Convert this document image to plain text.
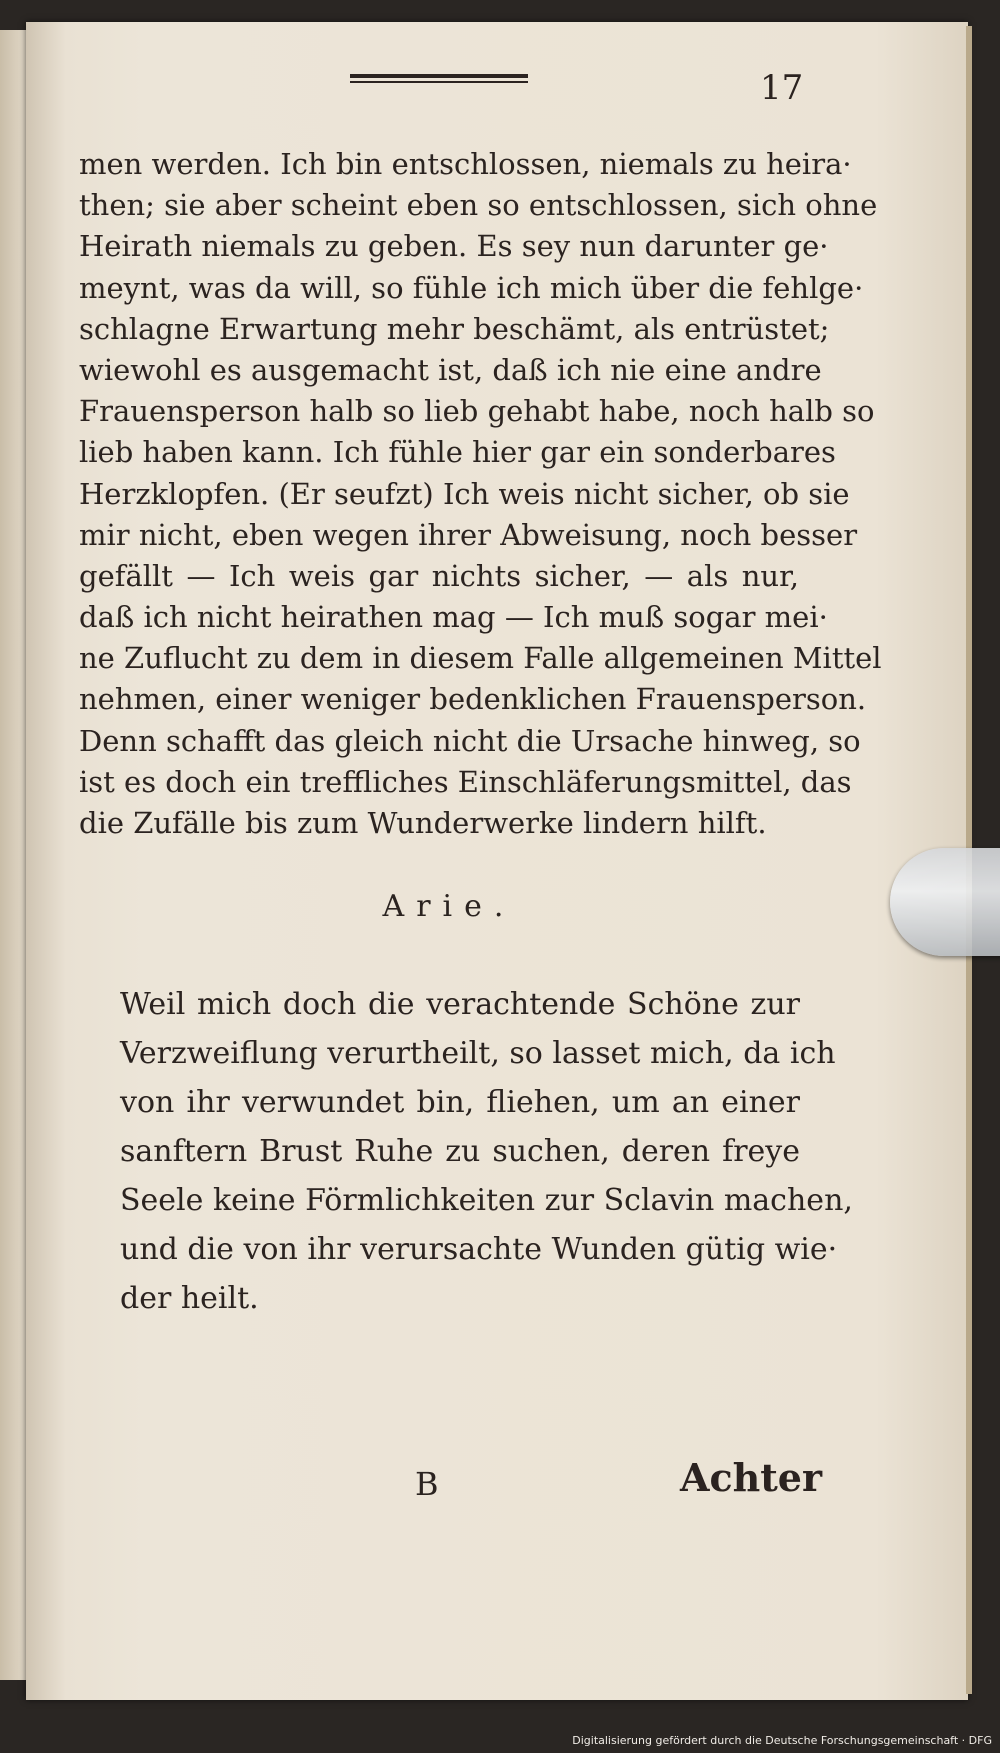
17
men werden. Ich bin entschlossen, niemals zu heira·
then; sie aber scheint eben so entschlossen, sich ohne
Heirath niemals zu geben. Es sey nun darunter ge·
meynt, was da will, so fühle ich mich über die fehlge·
schlagne Erwartung mehr beschämt, als entrüstet;
wiewohl es ausgemacht ist, daß ich nie eine andre
Frauensperson halb so lieb gehabt habe, noch halb so
lieb haben kann. Ich fühle hier gar ein sonderbares
Herzklopfen. (Er seufzt) Ich weis nicht sicher, ob sie
mir nicht, eben wegen ihrer Abweisung, noch besser
gefällt — Ich weis gar nichts sicher, — als nur,
daß ich nicht heirathen mag — Ich muß sogar mei·
ne Zuflucht zu dem in diesem Falle allgemeinen Mittel
nehmen, einer weniger bedenklichen Frauensperson.
Denn schafft das gleich nicht die Ursache hinweg, so
ist es doch ein treffliches Einschläferungsmittel, das
die Zufälle bis zum Wunderwerke lindern hilft.
Arie.
Weil mich doch die verachtende Schöne zur
Verzweiflung verurtheilt, so lasset mich, da ich
von ihr verwundet bin, fliehen, um an einer
sanftern Brust Ruhe zu suchen, deren freye
Seele keine Förmlichkeiten zur Sclavin machen,
und die von ihr verursachte Wunden gütig wie·
der heilt.
B	Achter
Digitalisierung gefördert durch die Deutsche Forschungsgemeinschaft · DFG
